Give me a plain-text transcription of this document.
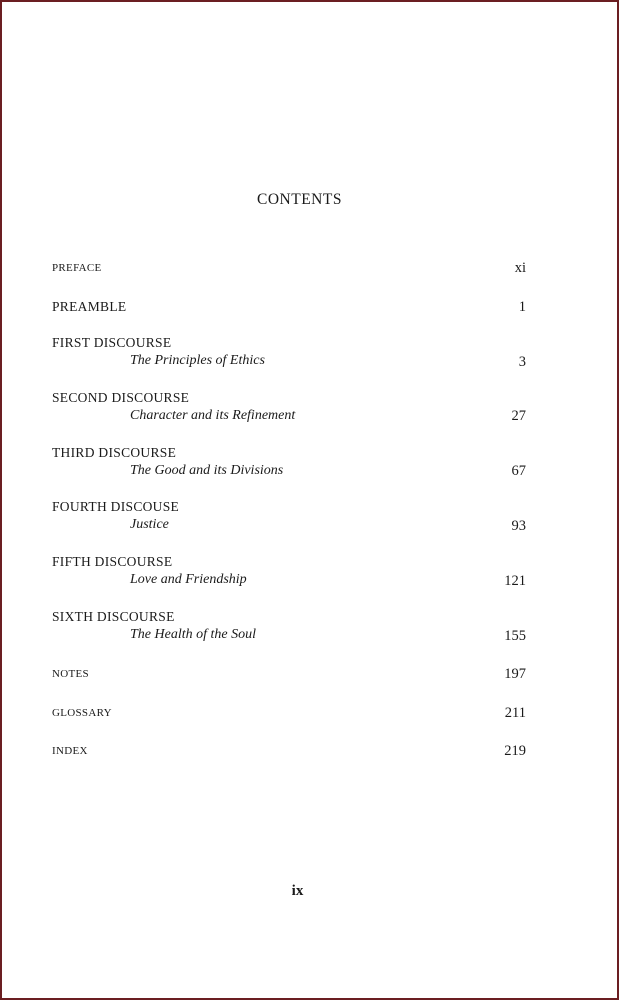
CONTENTS
PREFACE	xi
PREAMBLE	1
FIRST DISCOURSE
The Principles of Ethics	3
SECOND DISCOURSE
Character and its Refinement	27
THIRD DISCOURSE
The Good and its Divisions	67
FOURTH DISCOUSE
Justice	93
FIFTH DISCOURSE
Love and Friendship	121
SIXTH DISCOURSE
The Health of the Soul	155
NOTES	197
GLOSSARY	211
INDEX	219
ix
